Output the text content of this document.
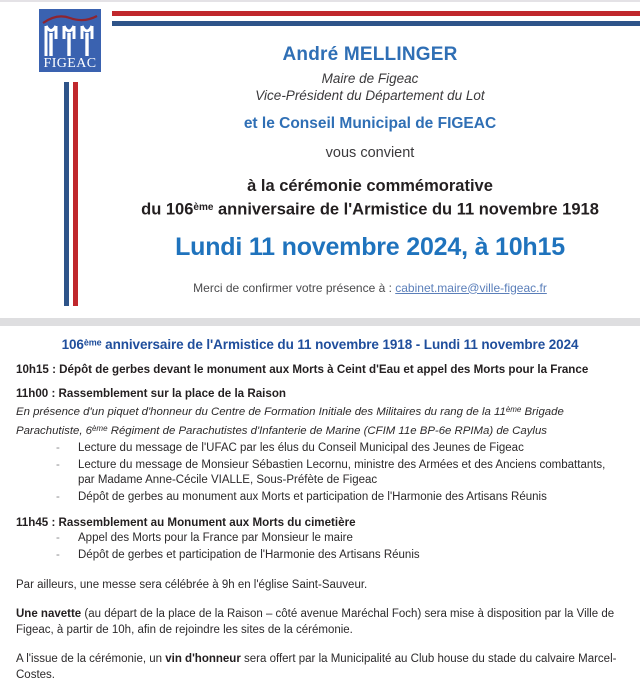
FIGEAC	André MELLINGER
Maire de Figeac
Vice-Président du Département du Lot
et le Conseil Municipal de FIGEAC
vous convient
à la cérémonie commémorative
du 106ème anniversaire de l'Armistice du 11 novembre 1918
Lundi 11 novembre 2024, à 10h15
Merci de confirmer votre présence à : cabinet.maire@ville-figeac.fr
106ème anniversaire de l'Armistice du 11 novembre 1918 - Lundi 11 novembre 2024
10h15 : Dépôt de gerbes devant le monument aux Morts à Ceint d'Eau et appel des Morts pour la France
11h00 : Rassemblement sur la place de la Raison
En présence d'un piquet d'honneur du Centre de Formation Initiale des Militaires du rang de la 11ème Brigade Parachutiste, 6ème Régiment de Parachutistes d'Infanterie de Marine (CFIM 11e BP-6e RPIMa) de Caylus
- Lecture du message de l'UFAC par les élus du Conseil Municipal des Jeunes de Figeac
- Lecture du message de Monsieur Sébastien Lecornu, ministre des Armées et des Anciens combattants, par Madame Anne-Cécile VIALLE, Sous-Préfète de Figeac
- Dépôt de gerbes au monument aux Morts et participation de l'Harmonie des Artisans Réunis
11h45 : Rassemblement au Monument aux Morts du cimetière
- Appel des Morts pour la France par Monsieur le maire
- Dépôt de gerbes et participation de l'Harmonie des Artisans Réunis
Par ailleurs, une messe sera célébrée à 9h en l'église Saint-Sauveur.
Une navette (au départ de la place de la Raison – côté avenue Maréchal Foch) sera mise à disposition par la Ville de Figeac, à partir de 10h, afin de rejoindre les sites de la cérémonie.
A l'issue de la cérémonie, un vin d'honneur sera offert par la Municipalité au Club house du stade du calvaire Marcel-Costes.
